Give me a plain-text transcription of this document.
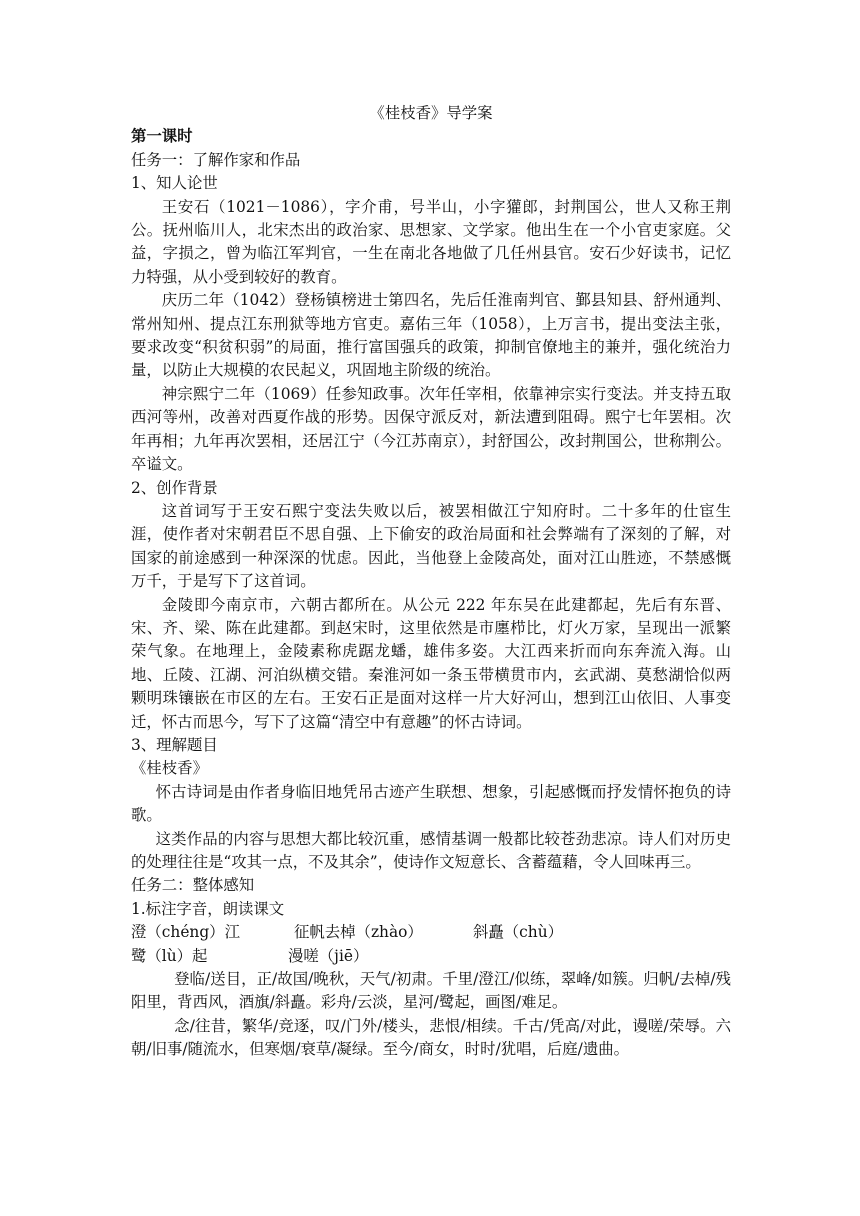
《桂枝香》导学案

第一课时

任务一：了解作家和作品

1、知人论世

王安石（1021－1086），字介甫，号半山，小字獾郎，封荆国公，世人又称王荆公。抚州临川人，北宋杰出的政治家、思想家、文学家。他出生在一个小官吏家庭。父益，字损之，曾为临江军判官，一生在南北各地做了几任州县官。安石少好读书，记忆力特强，从小受到较好的教育。

庆历二年（1042）登杨镇榜进士第四名，先后任淮南判官、鄞县知县、舒州通判、常州知州、提点江东刑狱等地方官吏。嘉佑三年（1058），上万言书，提出变法主张，要求改变“积贫积弱”的局面，推行富国强兵的政策，抑制官僚地主的兼并，强化统治力量，以防止大规模的农民起义，巩固地主阶级的统治。

神宗熙宁二年（1069）任参知政事。次年任宰相，依靠神宗实行变法。并支持五取西河等州，改善对西夏作战的形势。因保守派反对，新法遭到阻碍。熙宁七年罢相。次年再相；九年再次罢相，还居江宁（今江苏南京），封舒国公，改封荆国公，世称荆公。卒谥文。

2、创作背景

这首词写于王安石熙宁变法失败以后，被罢相做江宁知府时。二十多年的仕宦生涯，使作者对宋朝君臣不思自强、上下偷安的政治局面和社会弊端有了深刻的了解，对国家的前途感到一种深深的忧虑。因此，当他登上金陵高处，面对江山胜迹，不禁感慨万千，于是写下了这首词。

金陵即今南京市，六朝古都所在。从公元 222 年东吴在此建都起，先后有东晋、宋、齐、梁、陈在此建都。到赵宋时，这里依然是市廛栉比，灯火万家，呈现出一派繁荣气象。在地理上，金陵素称虎踞龙蟠，雄伟多姿。大江西来折而向东奔流入海。山地、丘陵、江湖、河泊纵横交错。秦淮河如一条玉带横贯市内，玄武湖、莫愁湖恰似两颗明珠镶嵌在市区的左右。王安石正是面对这样一片大好河山，想到江山依旧、人事变迁，怀古而思今，写下了这篇“清空中有意趣”的怀古诗词。

3、理解题目

《桂枝香》

怀古诗词是由作者身临旧地凭吊古迹产生联想、想象，引起感慨而抒发情怀抱负的诗歌。

这类作品的内容与思想大都比较沉重，感情基调一般都比较苍劲悲凉。诗人们对历史的处理往往是“攻其一点，不及其余”，使诗作文短意长、含蓄蕴藉，令人回味再三。

任务二：整体感知

1.标注字音，朗读课文

澄（chéng）江	征帆去棹（zhào）	斜矗（chù）
鹭（lù）起	漫嗟（jiē）

登临/送目，正/故国/晚秋，天气/初肃。千里/澄江/似练，翠峰/如簇。归帆/去棹/残阳里，背西风，酒旗/斜矗。彩舟/云淡，星河/鹭起，画图/难足。

念/往昔，繁华/竞逐，叹/门外/楼头，悲恨/相续。千古/凭高/对此，谩嗟/荣辱。六朝/旧事/随流水，但寒烟/衰草/凝绿。至今/商女，时时/犹唱，后庭/遗曲。
